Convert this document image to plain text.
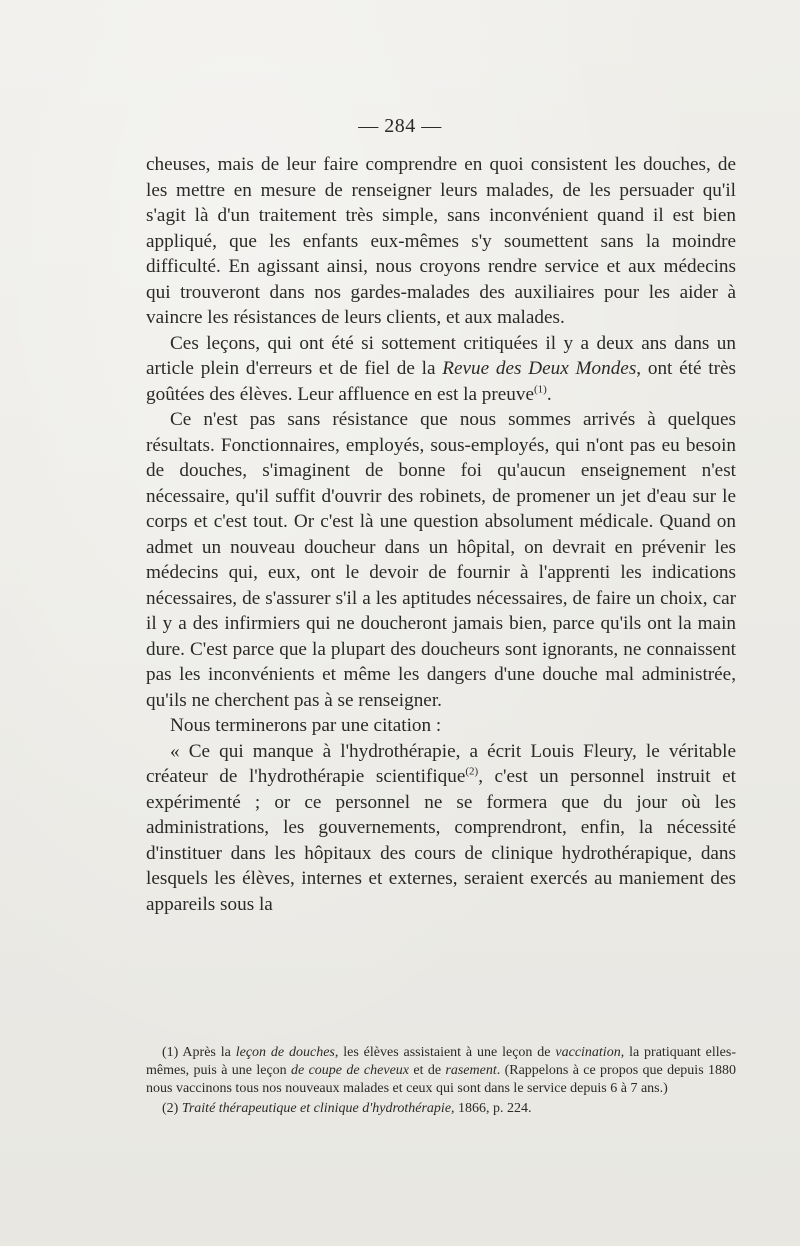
— 284 —

cheuses, mais de leur faire comprendre en quoi consistent les douches, de les mettre en mesure de renseigner leurs malades, de les persuader qu'il s'agit là d'un traitement très simple, sans inconvénient quand il est bien appliqué, que les enfants eux-mêmes s'y soumettent sans la moindre difficulté. En agissant ainsi, nous croyons rendre service et aux médecins qui trouveront dans nos gardes-malades des auxiliaires pour les aider à vaincre les résistances de leurs clients, et aux malades.

Ces leçons, qui ont été si sottement critiquées il y a deux ans dans un article plein d'erreurs et de fiel de la Revue des Deux Mondes, ont été très goûtées des élèves. Leur affluence en est la preuve$^{(1)}$.

Ce n'est pas sans résistance que nous sommes arrivés à quelques résultats. Fonctionnaires, employés, sous-employés, qui n'ont pas eu besoin de douches, s'imaginent de bonne foi qu'aucun enseignement n'est nécessaire, qu'il suffit d'ouvrir des robinets, de promener un jet d'eau sur le corps et c'est tout. Or c'est là une question absolument médicale. Quand on admet un nouveau doucheur dans un hôpital, on devrait en prévenir les médecins qui, eux, ont le devoir de fournir à l'apprenti les indications nécessaires, de s'assurer s'il a les aptitudes nécessaires, de faire un choix, car il y a des infirmiers qui ne doucheront jamais bien, parce qu'ils ont la main dure. C'est parce que la plupart des doucheurs sont ignorants, ne connaissent pas les inconvénients et même les dangers d'une douche mal administrée, qu'ils ne cherchent pas à se renseigner.

Nous terminerons par une citation :

« Ce qui manque à l'hydrothérapie, a écrit Louis Fleury, le véritable créateur de l'hydrothérapie scientifique$^{(2)}$, c'est un personnel instruit et expérimenté ; or ce personnel ne se formera que du jour où les administrations, les gouvernements, comprendront, enfin, la nécessité d'instituer dans les hôpitaux des cours de clinique hydrothérapique, dans lesquels les élèves, internes et externes, seraient exercés au maniement des appareils sous la

(1) Après la leçon de douches, les élèves assistaient à une leçon de vaccination, la pratiquant elles-mêmes, puis à une leçon de coupe de cheveux et de rasement. (Rappelons à ce propos que depuis 1880 nous vaccinons tous nos nouveaux malades et ceux qui sont dans le service depuis 6 à 7 ans.)

(2) Traité thérapeutique et clinique d'hydrothérapie, 1866, p. 224.
